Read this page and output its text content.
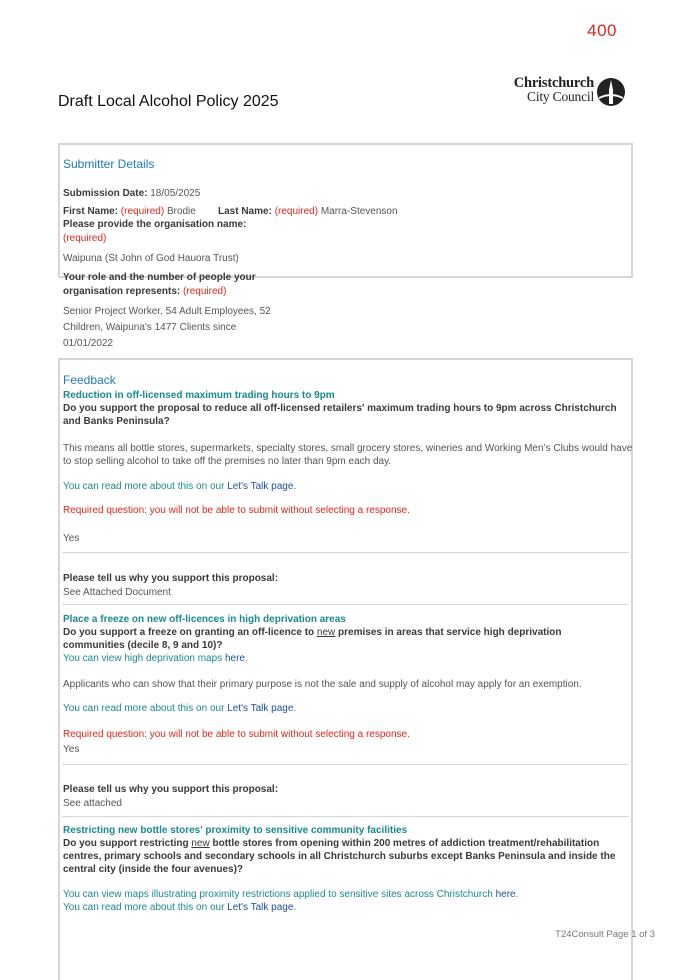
400
Draft Local Alcohol Policy 2025
Christchurch
City Council
Submitter Details
Submission Date: 18/05/2025
First Name: (required) Brodie Last Name: (required) Marra-Stevenson
Please provide the organisation name:
(required)
Waipuna (St John of God Hauora Trust)
Your role and the number of people your
organisation represents: (required)
Senior Project Worker, 54 Adult Employees, 52
Children, Waipuna's 1477 Clients since
01/01/2022
Feedback
Reduction in off-licensed maximum trading hours to 9pm
Do you support the proposal to reduce all off-licensed retailers' maximum trading hours to 9pm across Christchurch
and Banks Peninsula?
This means all bottle stores, supermarkets, specialty stores, small grocery stores, wineries and Working Men’s Clubs would have
to stop selling alcohol to take off the premises no later than 9pm each day.
You can read more about this on our Let's Talk page.
Required question: you will not be able to submit without selecting a response.
Yes
Please tell us why you support this proposal:
See Attached Document
Place a freeze on new off-licences in high deprivation areas
Do you support a freeze on granting an off-licence to new premises in areas that service high deprivation
communities (decile 8, 9 and 10)?
You can view high deprivation maps here.
Applicants who can show that their primary purpose is not the sale and supply of alcohol may apply for an exemption.
You can read more about this on our Let's Talk page.
Required question: you will not be able to submit without selecting a response.
Yes
Please tell us why you support this proposal:
See attached
Restricting new bottle stores' proximity to sensitive community facilities
Do you support restricting new bottle stores from opening within 200 metres of addiction treatment/rehabilitation
centres, primary schools and secondary schools in all Christchurch suburbs except Banks Peninsula and inside the
central city (inside the four avenues)?
You can view maps illustrating proximity restrictions applied to sensitive sites across Christchurch here.
You can read more about this on our Let's Talk page.
T24Consult Page 1 of 3
